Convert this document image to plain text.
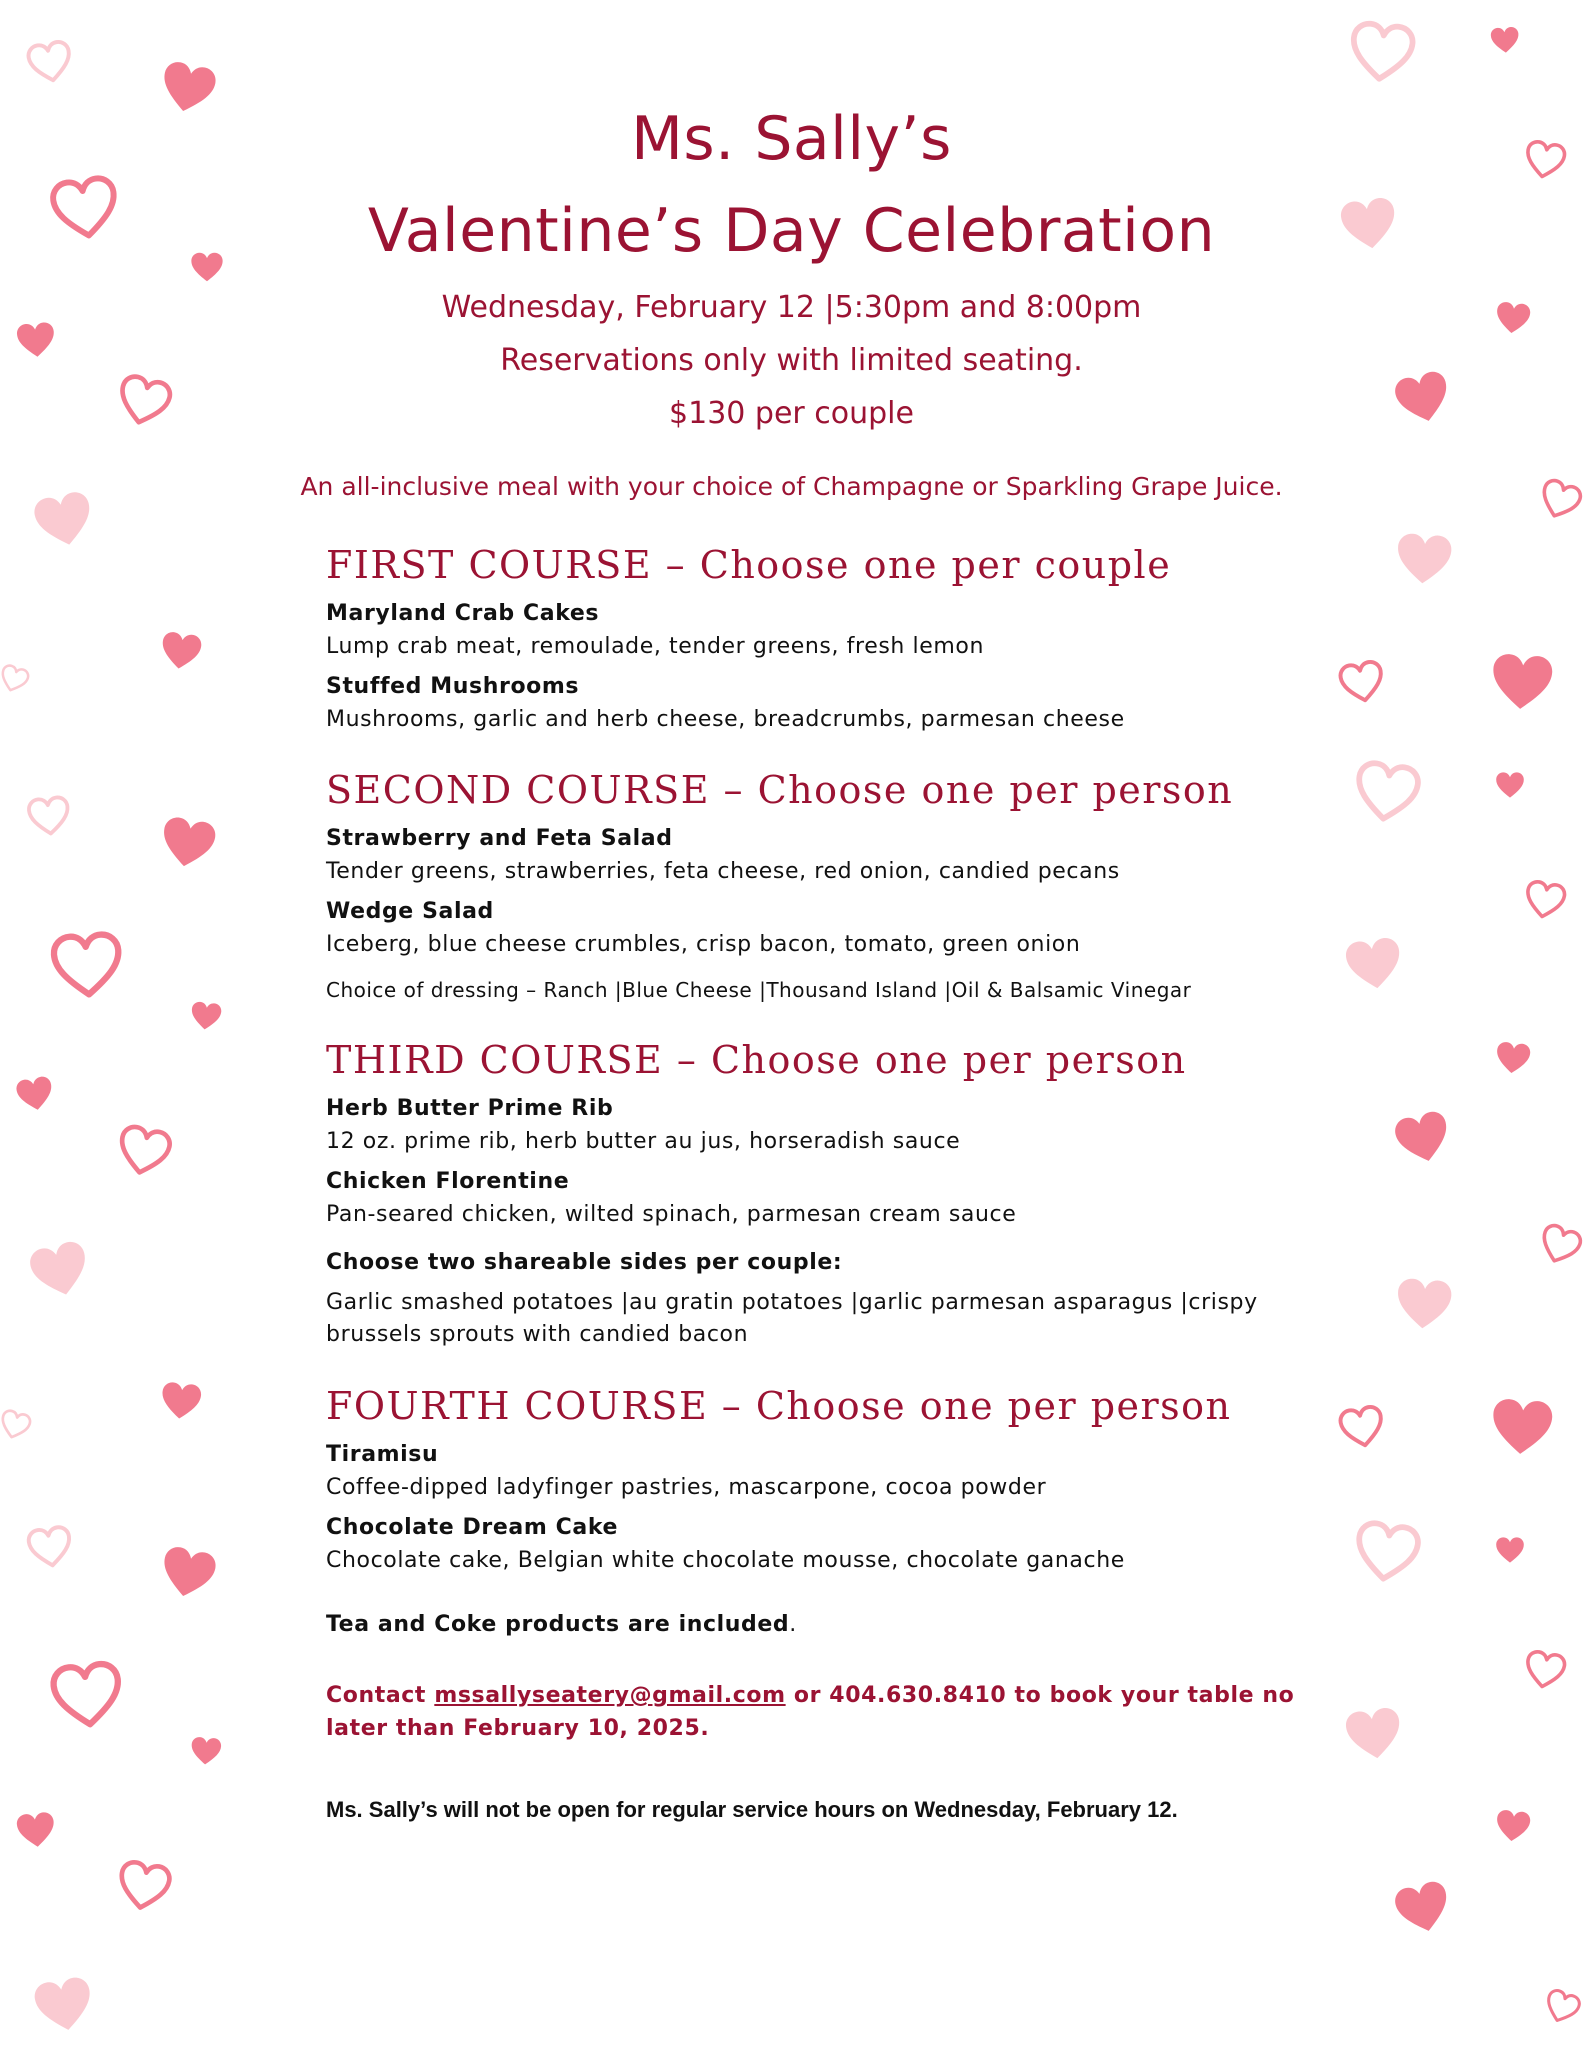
Ms. Sally’s
Valentine’s Day Celebration
Wednesday, February 12 |5:30pm and 8:00pm
Reservations only with limited seating.
$130 per couple
An all-inclusive meal with your choice of Champagne or Sparkling Grape Juice.
FIRST COURSE – Choose one per couple
Maryland Crab Cakes
Lump crab meat, remoulade, tender greens, fresh lemon
Stuffed Mushrooms
Mushrooms, garlic and herb cheese, breadcrumbs, parmesan cheese
SECOND COURSE – Choose one per person
Strawberry and Feta Salad
Tender greens, strawberries, feta cheese, red onion, candied pecans
Wedge Salad
Iceberg, blue cheese crumbles, crisp bacon, tomato, green onion
Choice of dressing – Ranch |Blue Cheese |Thousand Island |Oil & Balsamic Vinegar
THIRD COURSE – Choose one per person
Herb Butter Prime Rib
12 oz. prime rib, herb butter au jus, horseradish sauce
Chicken Florentine
Pan-seared chicken, wilted spinach, parmesan cream sauce
Choose two shareable sides per couple:
Garlic smashed potatoes |au gratin potatoes |garlic parmesan asparagus |crispy
brussels sprouts with candied bacon
FOURTH COURSE – Choose one per person
Tiramisu
Coffee-dipped ladyfinger pastries, mascarpone, cocoa powder
Chocolate Dream Cake
Chocolate cake, Belgian white chocolate mousse, chocolate ganache
Tea and Coke products are included.
Contact mssallyseatery@gmail.com or 404.630.8410 to book your table no later than February 10, 2025.
Ms. Sally’s will not be open for regular service hours on Wednesday, February 12.
